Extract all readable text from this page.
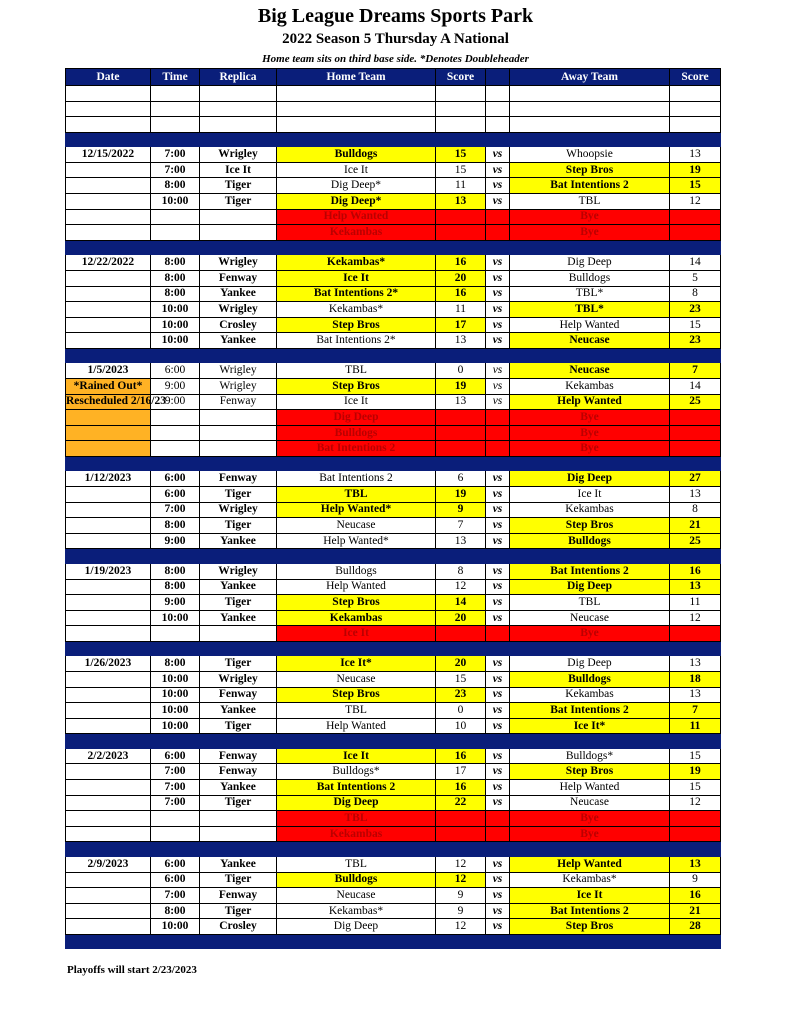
Big League Dreams Sports Park
2022 Season 5 Thursday A National
Home team sits on third base side. *Denotes Doubleheader
Date	Time	Replica	Home Team	Score		Away Team	Score

12/15/2022	7:00	Wrigley	Bulldogs	15	vs	Whoopsie	13
	7:00	Ice It	Ice It	15	vs	Step Bros	19
	8:00	Tiger	Dig Deep*	11	vs	Bat Intentions 2	15
	10:00	Tiger	Dig Deep*	13	vs	TBL	12
			Help Wanted			Bye	
			Kekambas			Bye	

12/22/2022	8:00	Wrigley	Kekambas*	16	vs	Dig Deep	14
	8:00	Fenway	Ice It	20	vs	Bulldogs	5
	8:00	Yankee	Bat Intentions 2*	16	vs	TBL*	8
	10:00	Wrigley	Kekambas*	11	vs	TBL*	23
	10:00	Crosley	Step Bros	17	vs	Help Wanted	15
	10:00	Yankee	Bat Intentions 2*	13	vs	Neucase	23

1/5/2023	6:00	Wrigley	TBL	0	vs	Neucase	7
*Rained Out*	9:00	Wrigley	Step Bros	19	vs	Kekambas	14
Rescheduled 2/16/23	9:00	Fenway	Ice It	13	vs	Help Wanted	25
			Dig Deep			Bye	
			Bulldogs			Bye	
			Bat Intentions 2			Bye	

1/12/2023	6:00	Fenway	Bat Intentions 2	6	vs	Dig Deep	27
	6:00	Tiger	TBL	19	vs	Ice It	13
	7:00	Wrigley	Help Wanted*	9	vs	Kekambas	8
	8:00	Tiger	Neucase	7	vs	Step Bros	21
	9:00	Yankee	Help Wanted*	13	vs	Bulldogs	25

1/19/2023	8:00	Wrigley	Bulldogs	8	vs	Bat Intentions 2	16
	8:00	Yankee	Help Wanted	12	vs	Dig Deep	13
	9:00	Tiger	Step Bros	14	vs	TBL	11
	10:00	Yankee	Kekambas	20	vs	Neucase	12
			Ice It			Bye	

1/26/2023	8:00	Tiger	Ice It*	20	vs	Dig Deep	13
	10:00	Wrigley	Neucase	15	vs	Bulldogs	18
	10:00	Fenway	Step Bros	23	vs	Kekambas	13
	10:00	Yankee	TBL	0	vs	Bat Intentions 2	7
	10:00	Tiger	Help Wanted	10	vs	Ice It*	11

2/2/2023	6:00	Fenway	Ice It	16	vs	Bulldogs*	15
	7:00	Fenway	Bulldogs*	17	vs	Step Bros	19
	7:00	Yankee	Bat Intentions 2	16	vs	Help Wanted	15
	7:00	Tiger	Dig Deep	22	vs	Neucase	12
			TBL			Bye	
			Kekambas			Bye	

2/9/2023	6:00	Yankee	TBL	12	vs	Help Wanted	13
	6:00	Tiger	Bulldogs	12	vs	Kekambas*	9
	7:00	Fenway	Neucase	9	vs	Ice It	16
	8:00	Tiger	Kekambas*	9	vs	Bat Intentions 2	21
	10:00	Crosley	Dig Deep	12	vs	Step Bros	28

Playoffs will start 2/23/2023
